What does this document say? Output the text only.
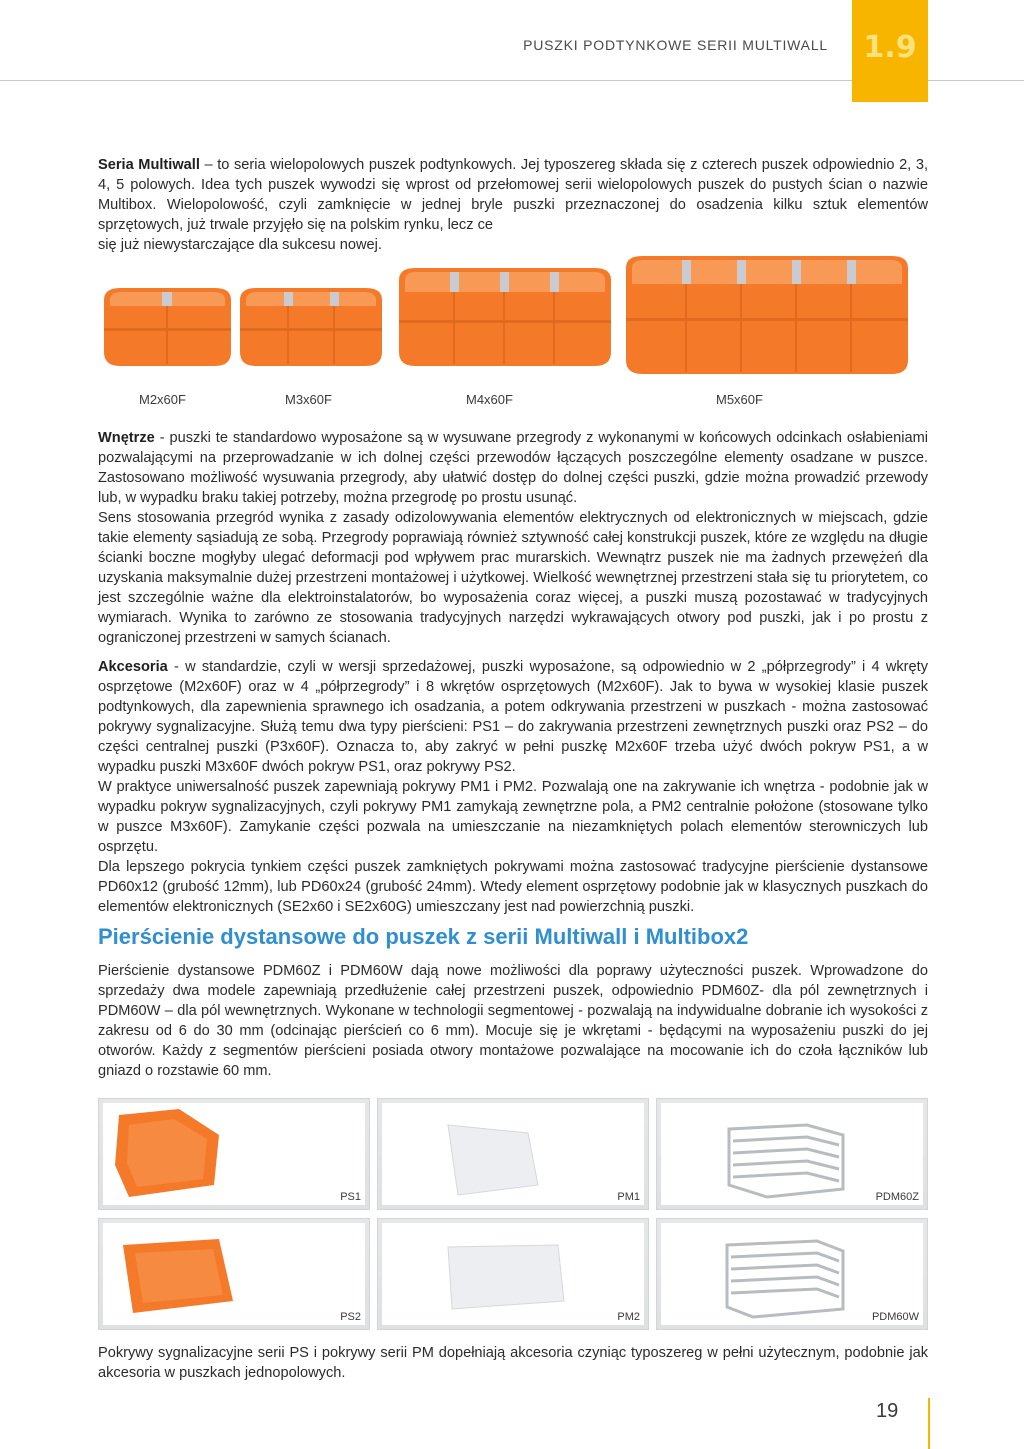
PUSZKI PODTYNKOWE SERII MULTIWALL	1.9
Seria Multiwall – to seria wielopolowych puszek podtynkowych. Jej typoszereg składa się z czterech puszek odpowiednio 2, 3, 4, 5 polowych. Idea tych puszek wywodzi się wprost od przełomowej serii wielopolowych puszek do pustych ścian o nazwie Multibox. Wielopolowość, czyli zamknięcie w jednej bryle puszki przeznaczonej do osadzenia kilku sztuk elementów sprzętowych, już trwale przyjęło się na polskim rynku, lecz ce
się już niewystarczające dla sukcesu nowej.
M2x60F	M3x60F	M4x60F	M5x60F
Wnętrze - puszki te standardowo wyposażone są w wysuwane przegrody z wykonanymi w końcowych odcinkach osłabieniami pozwalającymi na przeprowadzanie w ich dolnej części przewodów łączących poszczególne elementy osadzane w puszce. Zastosowano możliwość wysuwania przegrody, aby ułatwić dostęp do dolnej części puszki, gdzie można prowadzić przewody lub, w wypadku braku takiej potrzeby, można przegrodę po prostu usunąć.
Sens stosowania przegród wynika z zasady odizolowywania elementów elektrycznych od elektronicznych w miejscach, gdzie takie elementy sąsiadują ze sobą. Przegrody poprawiają również sztywność całej konstrukcji puszek, które ze względu na długie ścianki boczne mogłyby ulegać deformacji pod wpływem prac murarskich. Wewnątrz puszek nie ma żadnych przewężeń dla uzyskania maksymalnie dużej przestrzeni montażowej i użytkowej. Wielkość wewnętrznej przestrzeni stała się tu priorytetem, co jest szczególnie ważne dla elektroinstalatorów, bo wyposażenia coraz więcej, a puszki muszą pozostawać w tradycyjnych wymiarach. Wynika to zarówno ze stosowania tradycyjnych narzędzi wykrawających otwory pod puszki, jak i po prostu z ograniczonej przestrzeni w samych ścianach.
Akcesoria - w standardzie, czyli w wersji sprzedażowej, puszki wyposażone, są odpowiednio w 2 „półprzegrody” i 4 wkręty osprzętowe (M2x60F) oraz w 4 „półprzegrody” i 8 wkrętów osprzętowych (M2x60F). Jak to bywa w wysokiej klasie puszek podtynkowych, dla zapewnienia sprawnego ich osadzania, a potem odkrywania przestrzeni w puszkach - można zastosować pokrywy sygnalizacyjne. Służą temu dwa typy pierścieni: PS1 – do zakrywania przestrzeni zewnętrznych puszki oraz PS2 – do części centralnej puszki (P3x60F). Oznacza to, aby zakryć w pełni puszkę M2x60F trzeba użyć dwóch pokryw PS1, a w wypadku puszki M3x60F dwóch pokryw PS1, oraz pokrywy PS2.
W praktyce uniwersalność puszek zapewniają pokrywy PM1 i PM2. Pozwalają one na zakrywanie ich wnętrza - podobnie jak w wypadku pokryw sygnalizacyjnych, czyli pokrywy PM1 zamykają zewnętrzne pola, a PM2 centralnie położone (stosowane tylko w puszce M3x60F). Zamykanie części pozwala na umieszczanie na niezamkniętych polach elementów sterowniczych lub osprzętu.
Dla lepszego pokrycia tynkiem części puszek zamkniętych pokrywami można zastosować tradycyjne pierścienie dystansowe PD60x12 (grubość 12mm), lub PD60x24 (grubość 24mm). Wtedy element osprzętowy podobnie jak w klasycznych puszkach do elementów elektronicznych (SE2x60 i SE2x60G) umieszczany jest nad powierzchnią puszki.
Pierścienie dystansowe do puszek z serii Multiwall i Multibox2
Pierścienie dystansowe PDM60Z i PDM60W dają nowe możliwości dla poprawy użyteczności puszek. Wprowadzone do sprzedaży dwa modele zapewniają przedłużenie całej przestrzeni puszek, odpowiednio PDM60Z- dla pól zewnętrznych i PDM60W – dla pól wewnętrznych. Wykonane w technologii segmentowej - pozwalają na indywidualne dobranie ich wysokości z zakresu od 6 do 30 mm (odcinając pierścień co 6 mm). Mocuje się je wkrętami - będącymi na wyposażeniu puszki do jej otworów. Każdy z segmentów pierścieni posiada otwory montażowe pozwalające na mocowanie ich do czoła łączników lub gniazd o rozstawie 60 mm.
PS1	PM1	PDM60Z
PS2	PM2	PDM60W
Pokrywy sygnalizacyjne serii PS i pokrywy serii PM dopełniają akcesoria czyniąc typoszereg w pełni użytecznym, podobnie jak akcesoria w puszkach jednopolowych.
19
